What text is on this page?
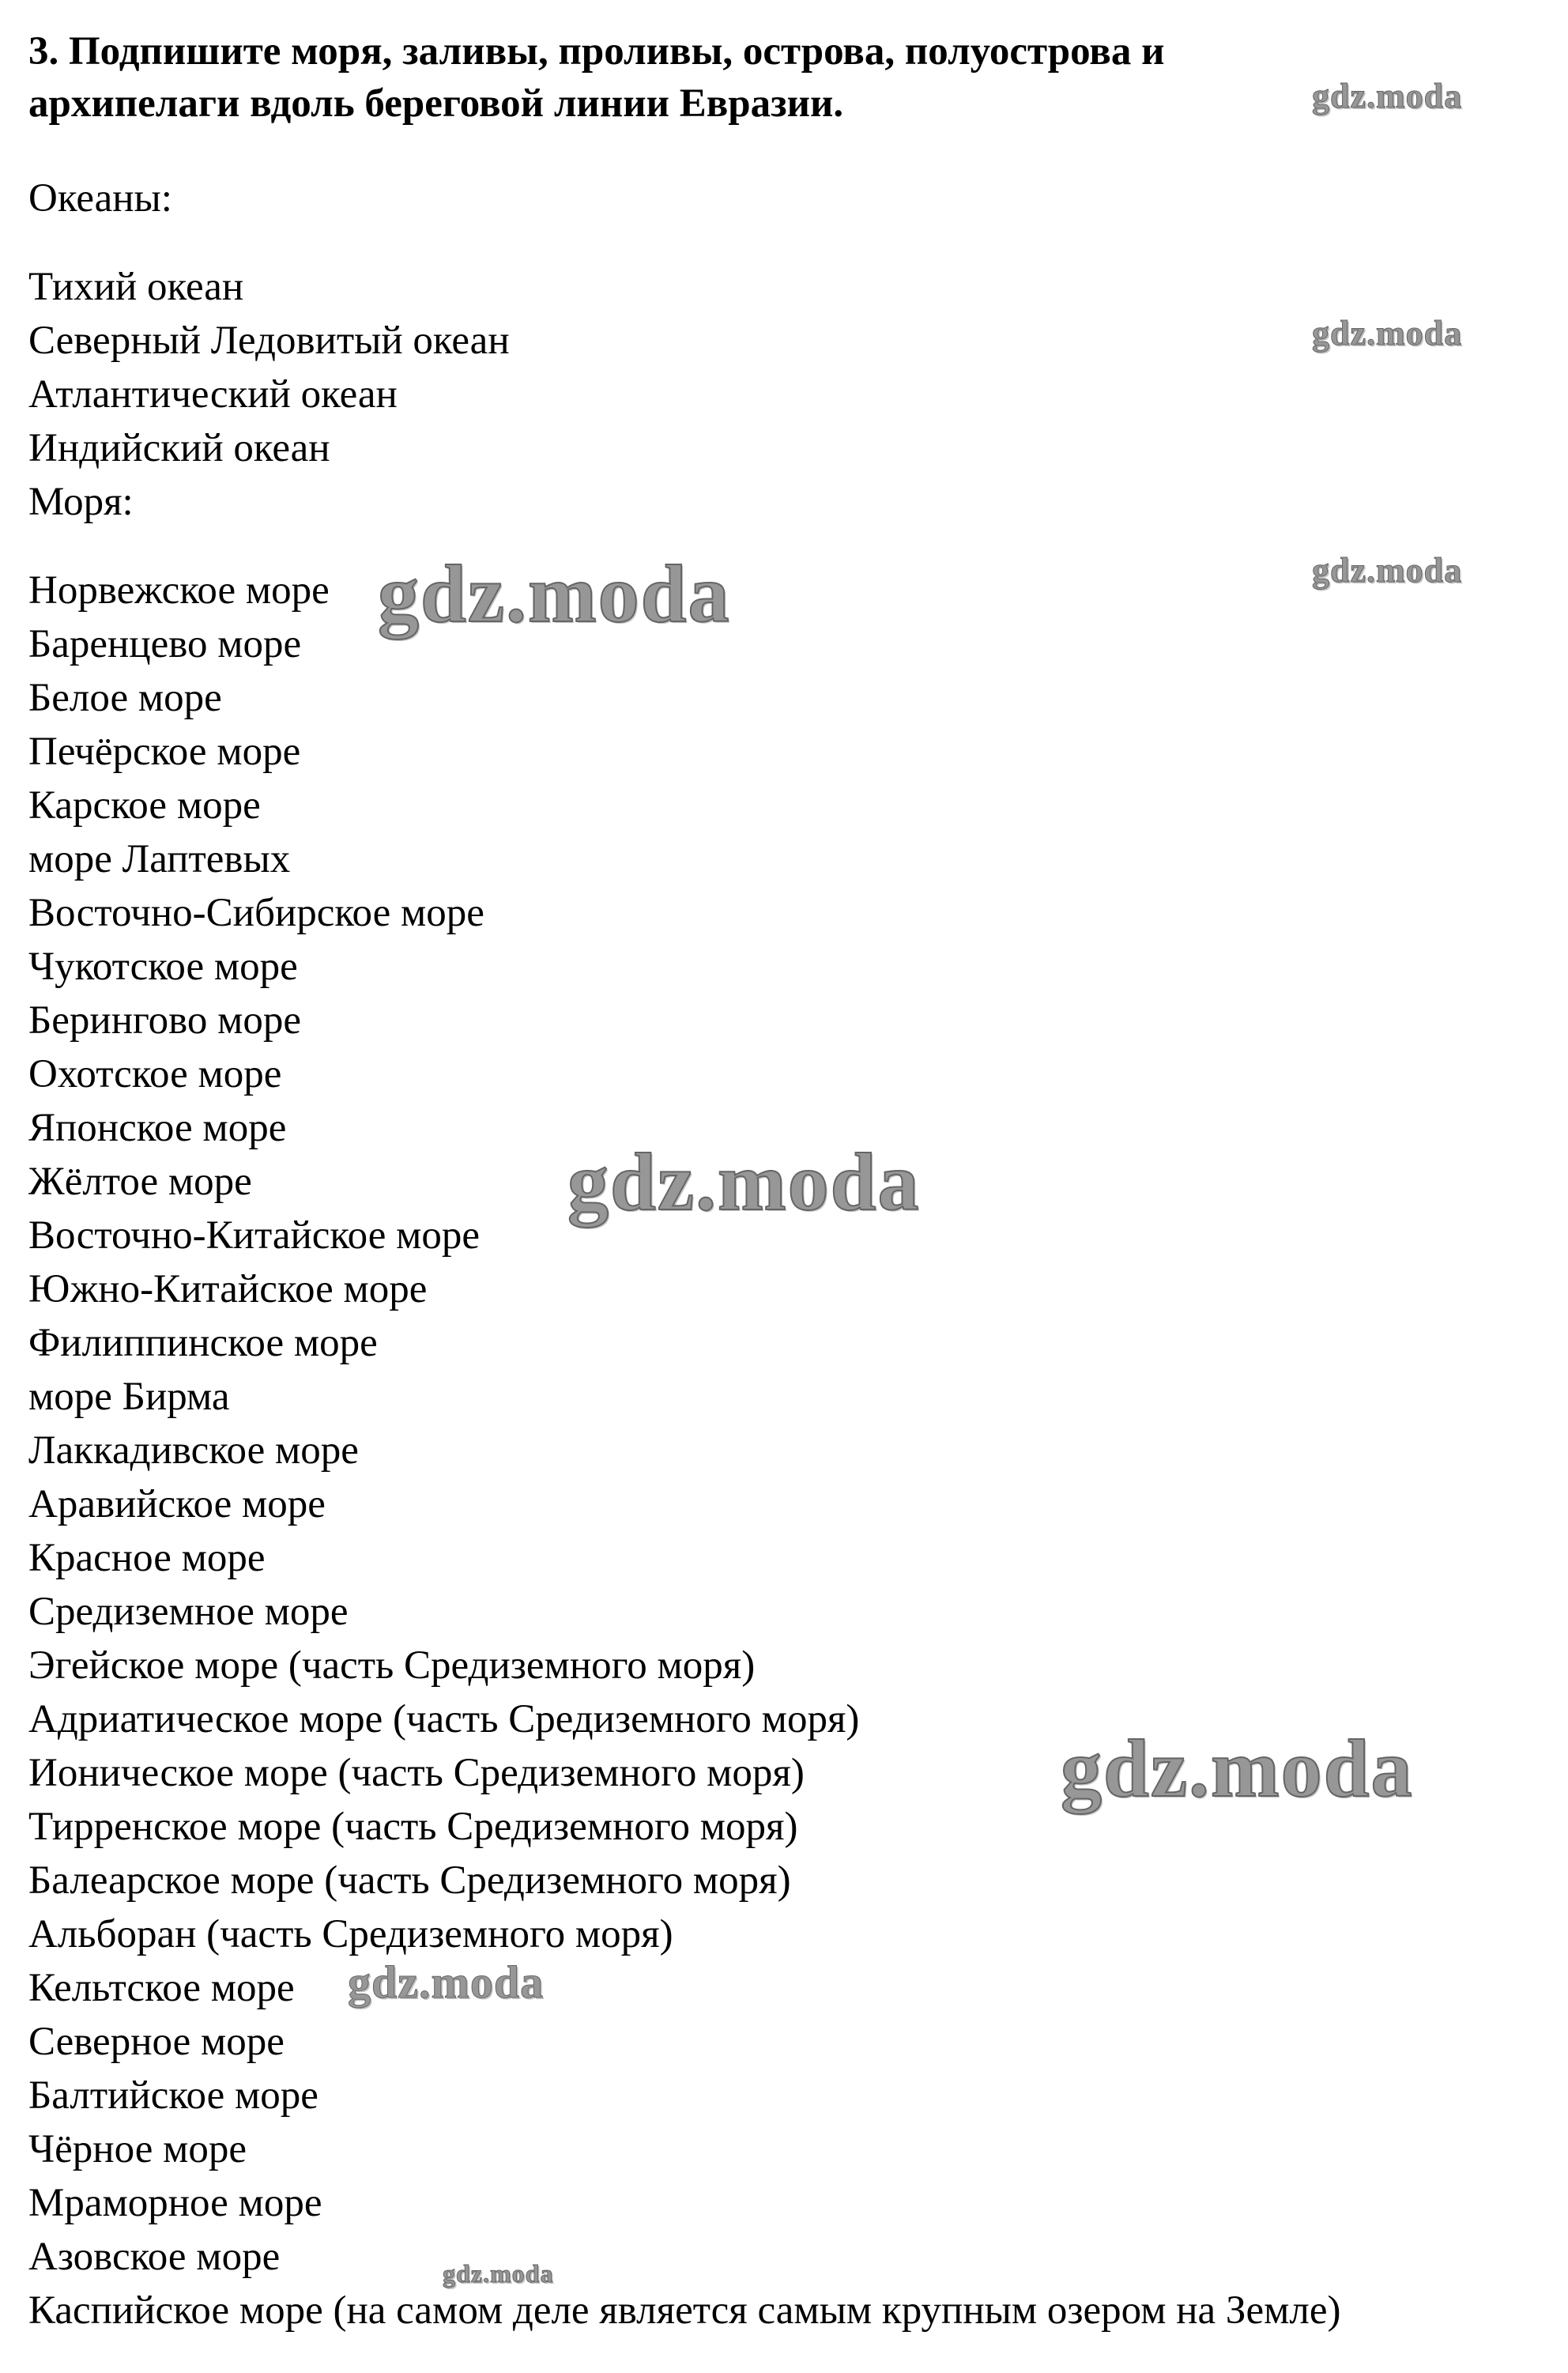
3. Подпишите моря, заливы, проливы, острова, полуострова и
архипелаги вдоль береговой линии Евразии.

Океаны:

Тихий океан

Северный Ледовитый океан

Атлантический океан

Индийский океан

Моря:

Норвежское море

Баренцево море

Белое море

Печёрское море

Карское море

море Лаптевых

Восточно-Сибирское море

Чукотское море

Берингово море

Охотское море

Японское море

Жёлтое море

Восточно-Китайское море

Южно-Китайское море

Филиппинское море

море Бирма

Лаккадивское море

Аравийское море

Красное море

Средиземное море

Эгейское море (часть Средиземного моря)

Адриатическое море (часть Средиземного моря)

Ионическое море (часть Средиземного моря)

Тирренское море (часть Средиземного моря)

Балеарское море (часть Средиземного моря)

Альборан (часть Средиземного моря)

Кельтское море

Северное море

Балтийское море

Чёрное море

Мраморное море

Азовское море

Каспийское море (на самом деле является самым крупным озером на Земле)

gdz.moda
gdz.moda
gdz.moda
gdz.moda
gdz.moda
gdz.moda
gdz.moda
gdz.moda
